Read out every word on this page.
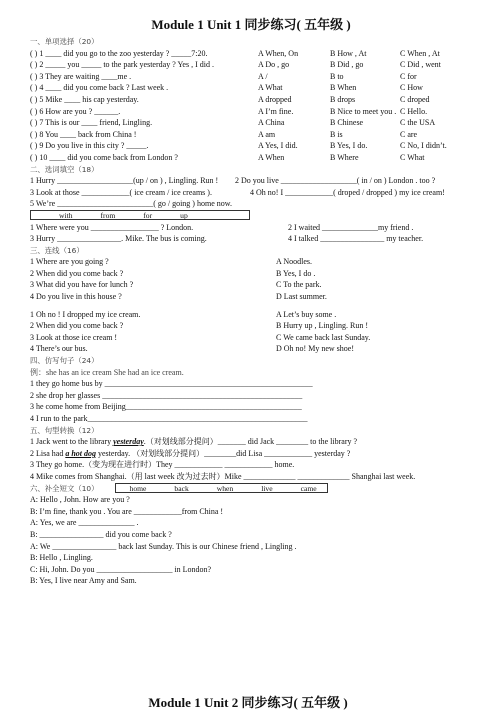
Module 1 Unit 1 同步练习( 五年级 )
一、单项选择（20）
( ) 1 ____ did you go to the zoo yesterday ? _____7:20.	A When, On	B How , At	C When , At
( ) 2 _____ you _____ to the park yesterday ? Yes , I did .	A Do , go	B Did , go	C Did , went
( ) 3 They are waiting ____me .	A /	B to	C for
( ) 4 ____ did you come back ? Last week .	A What	B When	C How
( ) 5 Mike ____ his cap yesterday.	A dropped	B drops	C droped
( ) 6 How are you ? ______.	A I’m fine.	B Nice to meet you . C Hello.
( ) 7 This is our ____ friend, Lingling.	A China	B Chinese	C the USA
( ) 8 You ____ back from China !	A am	B is	C are
( ) 9 Do you live in this city ? _____.	A Yes, I did.	B Yes, I do.	C No, I didn’t.
( ) 10 ____ did you come back from London ?	A When	B Where	C What
二、选词填空（18）
1 Hurry ___________________(up / on ) , Lingling. Run ! 2 Do you live ___________________( in / on ) London . too ?
3 Look at those ____________( ice cream / ice creams ).	4 Oh no! I ____________( droped / dropped ) my ice cream!
5 We’re ________________________( go / going ) home now.
with	from	for	up
1 Where were you _________________ ? London.	2 I waited ______________my friend .
3 Hurry ________________. Mike. The bus is coming.	4 I talked ________________ my teacher.
三、连线（16）
1 Where are you going ?	A Noodles.
2 When did you come back ?	B Yes, I do .
3 What did you have for lunch ?	C To the park.
4 Do you live in this house ?	D Last summer.
1 Oh no ! I dropped my ice cream.	A Let’s buy some .
2 When did you come back ?	B Hurry up , Lingling. Run !
3 Look at those ice cream !	C We came back last Sunday.
4 There’s our bus.	D Oh no! My new shoe!
四、仿写句子（24）
例：she has an ice cream She had an ice cream.
1 they go home bus by ____________________________________________________
2 she drop her glasses __________________________________________________
3 he come home from Beijing____________________________________________
4 I run to the park_______________________________________________________
五、句型转换（12）
1 Jack went to the library yesterday.（对划线部分提问）_______ did Jack ________ to the library ?
2 Lisa had a hot dog yesterday. （对划线部分提问）________did Lisa ____________ yesterday ?
3 They go home.（变为现在进行时）They ____________ ____________ home.
4 Mike comes from Shanghai.（用 last week 改为过去时）Mike _____________ _____________ Shanghai last week.
六、补全短文（10）	home	back	when	live	came
A: Hello , John. How are you ?
B: I’m fine, thank you . You are ____________from China !
A: Yes, we are ______________ .
B: ________________ did you come back ?
A: We ________________ back last Sunday. This is our Chinese friend , Lingling .
B: Hello , Lingling.
C: Hi, John. Do you ___________________ in London?
B: Yes, I live near Amy and Sam.
Module 1 Unit 2 同步练习( 五年级 )
